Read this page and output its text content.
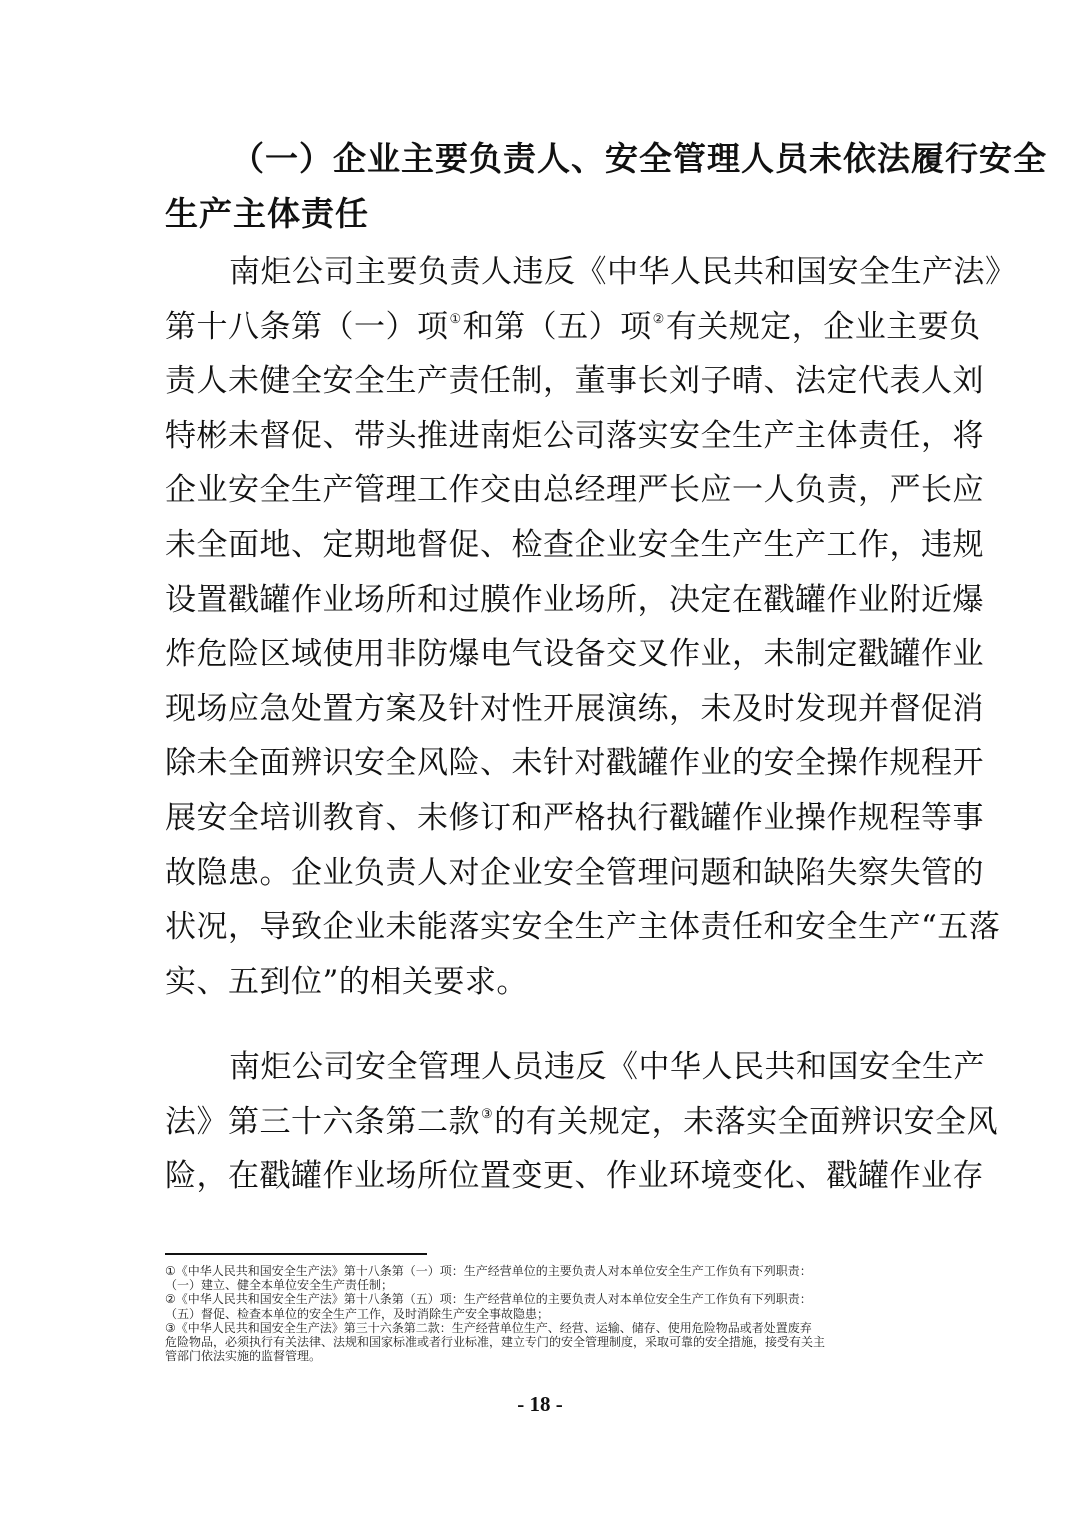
（一）企业主要负责人、安全管理人员未依法履行安全
生产主体责任
南炬公司主要负责人违反《中华人民共和国安全生产法》
第十八条第（一）项①和第（五）项②有关规定，企业主要负
责人未健全安全生产责任制，董事长刘子晴、法定代表人刘
特彬未督促、带头推进南炬公司落实安全生产主体责任，将
企业安全生产管理工作交由总经理严长应一人负责，严长应
未全面地、定期地督促、检查企业安全生产生产工作，违规
设置戳罐作业场所和过膜作业场所，决定在戳罐作业附近爆
炸危险区域使用非防爆电气设备交叉作业，未制定戳罐作业
现场应急处置方案及针对性开展演练，未及时发现并督促消
除未全面辨识安全风险、未针对戳罐作业的安全操作规程开
展安全培训教育、未修订和严格执行戳罐作业操作规程等事
故隐患。企业负责人对企业安全管理问题和缺陷失察失管的
状况，导致企业未能落实安全生产主体责任和安全生产“五落
实、五到位”的相关要求。
南炬公司安全管理人员违反《中华人民共和国安全生产
法》第三十六条第二款③的有关规定，未落实全面辨识安全风
险，在戳罐作业场所位置变更、作业环境变化、戳罐作业存
①《中华人民共和国安全生产法》第十八条第（一）项：生产经营单位的主要负责人对本单位安全生产工作负有下列职责：
（一）建立、健全本单位安全生产责任制；
②《中华人民共和国安全生产法》第十八条第（五）项：生产经营单位的主要负责人对本单位安全生产工作负有下列职责：
（五）督促、检查本单位的安全生产工作，及时消除生产安全事故隐患；
③《中华人民共和国安全生产法》第三十六条第二款：生产经营单位生产、经营、运输、储存、使用危险物品或者处置废弃
危险物品，必须执行有关法律、法规和国家标准或者行业标准，建立专门的安全管理制度，采取可靠的安全措施，接受有关主
管部门依法实施的监督管理。
- 18 -
